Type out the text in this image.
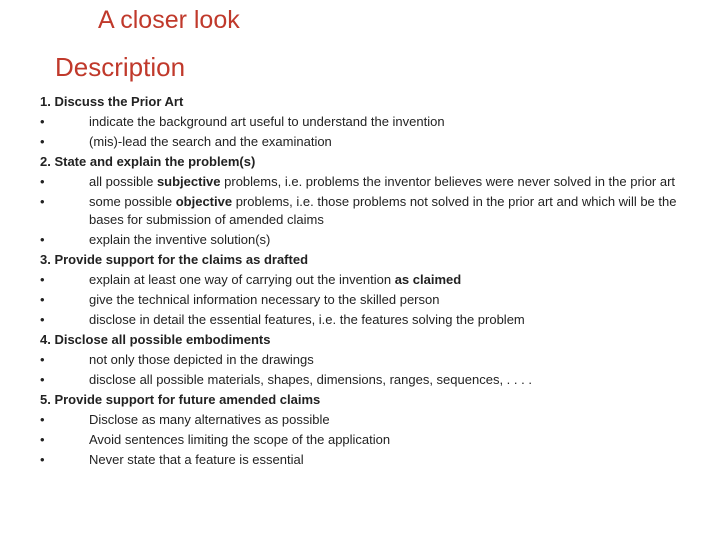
A closer look
Description
1. Discuss the Prior Art
•	indicate the background art useful to understand the invention
•	(mis)-lead the search and the examination
2. State and explain the problem(s)
•	all possible subjective problems, i.e. problems the inventor believes were never solved in the prior art
•	some possible objective problems, i.e. those problems not solved in the prior art and which will be the bases for submission of amended claims
•	explain the inventive solution(s)
3. Provide support for the claims as drafted
•	explain at least one way of carrying out the invention as claimed
•	give the technical information necessary to the skilled person
•	disclose in detail the essential features, i.e. the features solving the problem
4. Disclose all possible embodiments
•	not only those depicted in the drawings
•	disclose all possible materials, shapes, dimensions, ranges, sequences, . . . .
5. Provide support for future amended claims
•	Disclose as many alternatives as possible
•	Avoid sentences limiting the scope of the application
•	Never state that a feature is essential
